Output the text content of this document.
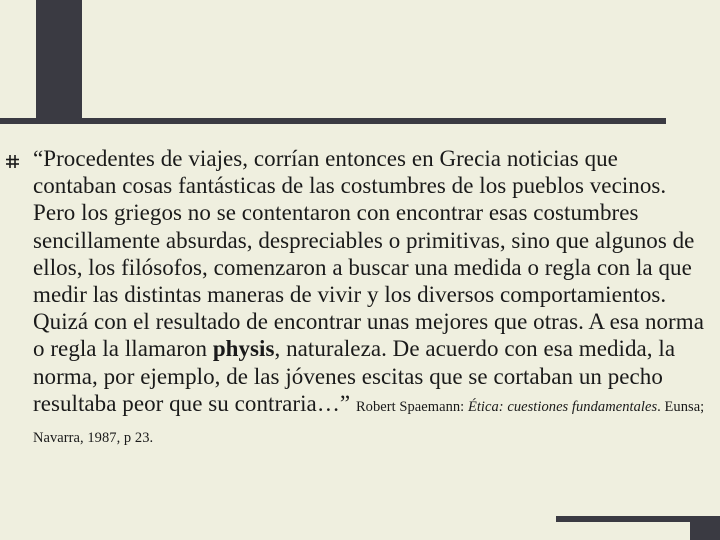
“Procedentes de viajes, corrían entonces en Grecia noticias que contaban cosas fantásticas de las costumbres de los pueblos vecinos. Pero los griegos no se contentaron con encontrar esas costumbres sencillamente absurdas, despreciables o primitivas, sino que algunos de ellos, los filósofos, comenzaron a buscar una medida o regla con la que medir las distintas maneras de vivir y los diversos comportamientos. Quizá con el resultado de encontrar unas mejores que otras. A esa norma o regla la llamaron physis, naturaleza. De acuerdo con esa medida, la norma, por ejemplo, de las jóvenes escitas que se cortaban un pecho resultaba peor que su contraria…” Robert Spaemann: Ética: cuestiones fundamentales. Eunsa; Navarra, 1987, p 23.
